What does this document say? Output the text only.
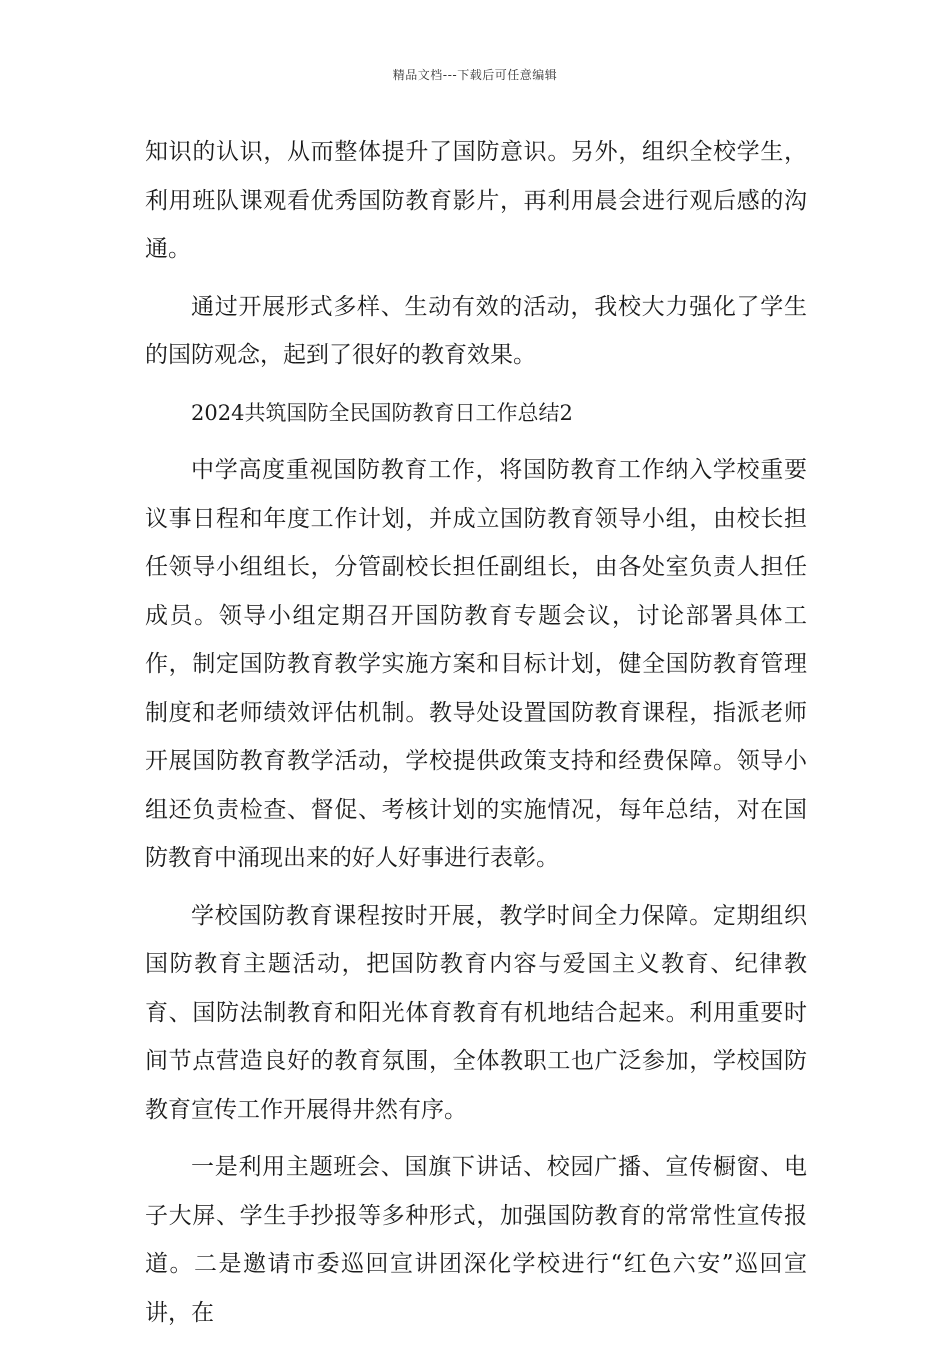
精品文档---下载后可任意编辑

知识的认识，从而整体提升了国防意识。另外，组织全校学生，利用班队课观看优秀国防教育影片，再利用晨会进行观后感的沟通。

通过开展形式多样、生动有效的活动，我校大力强化了学生的国防观念，起到了很好的教育效果。

2024共筑国防全民国防教育日工作总结2

中学高度重视国防教育工作，将国防教育工作纳入学校重要议事日程和年度工作计划，并成立国防教育领导小组，由校长担任领导小组组长，分管副校长担任副组长，由各处室负责人担任成员。领导小组定期召开国防教育专题会议，讨论部署具体工作，制定国防教育教学实施方案和目标计划，健全国防教育管理制度和老师绩效评估机制。教导处设置国防教育课程，指派老师开展国防教育教学活动，学校提供政策支持和经费保障。领导小组还负责检查、督促、考核计划的实施情况，每年总结，对在国防教育中涌现出来的好人好事进行表彰。

学校国防教育课程按时开展，教学时间全力保障。定期组织国防教育主题活动，把国防教育内容与爱国主义教育、纪律教育、国防法制教育和阳光体育教育有机地结合起来。利用重要时间节点营造良好的教育氛围，全体教职工也广泛参加，学校国防教育宣传工作开展得井然有序。

一是利用主题班会、国旗下讲话、校园广播、宣传橱窗、电子大屏、学生手抄报等多种形式，加强国防教育的常常性宣传报道。二是邀请市委巡回宣讲团深化学校进行“红色六安”巡回宣讲，在
